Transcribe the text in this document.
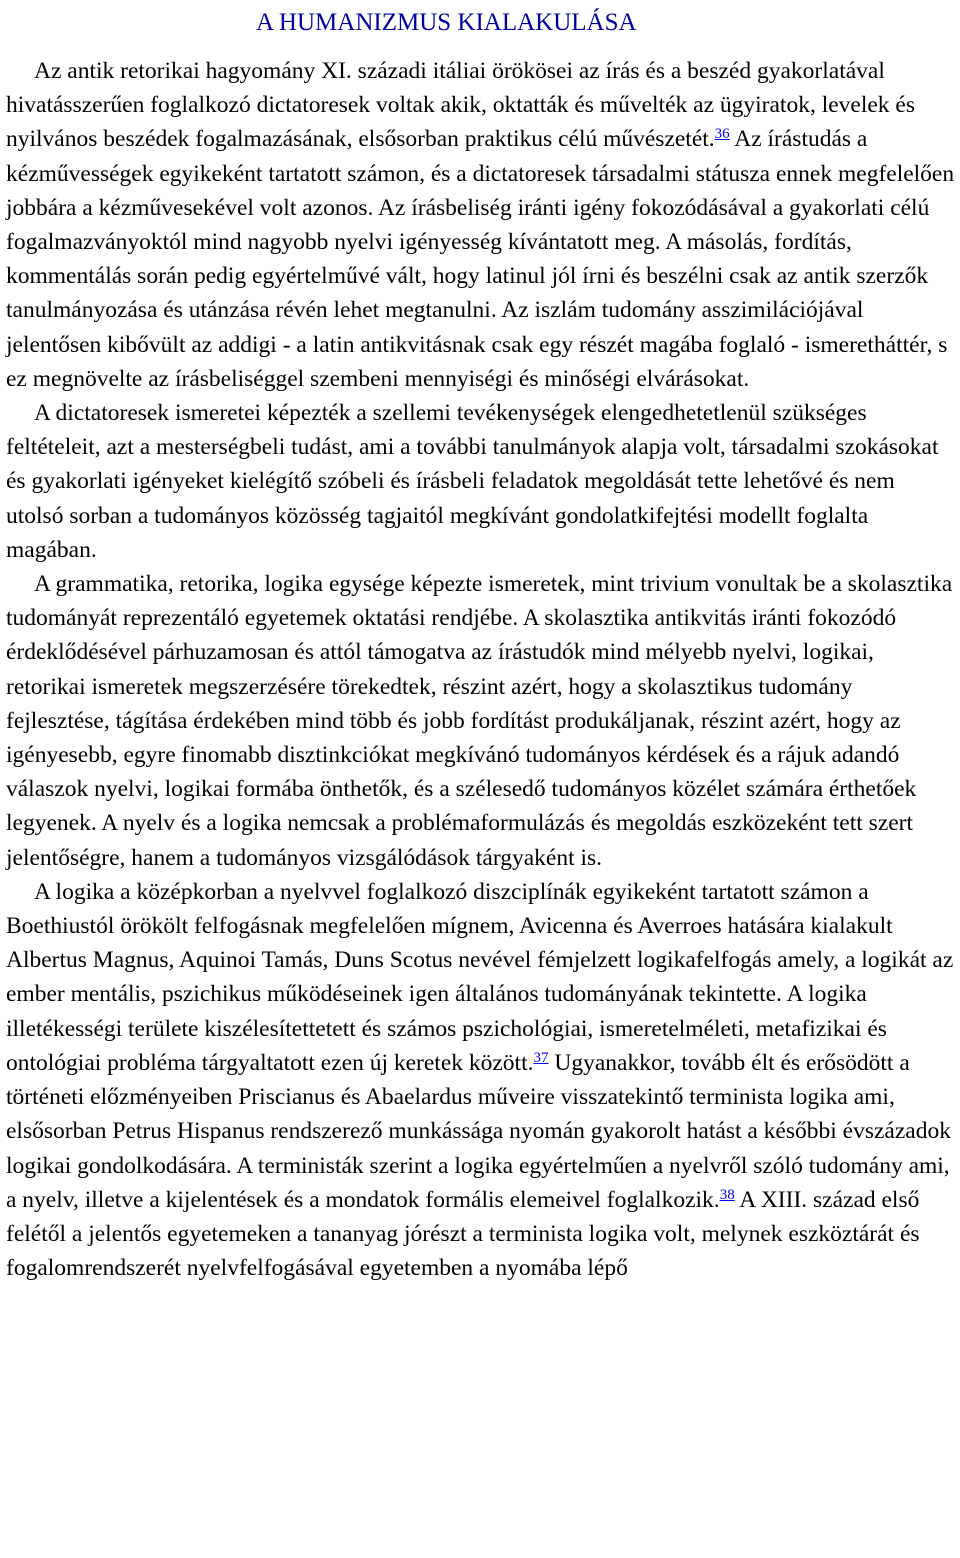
A HUMANIZMUS KIALAKULÁSA

Az antik retorikai hagyomány XI. századi itáliai örökösei az írás és a beszéd gyakorlatával hivatásszerűen foglalkozó dictatoresek voltak akik, oktatták és művelték az ügyiratok, levelek és nyilvános beszédek fogalmazásának, elsősorban praktikus célú művészetét.$^{36}$ Az írástudás a kézművességek egyikeként tartatott számon, és a dictatoresek társadalmi státusza ennek megfelelően jobbára a kézművesekével volt azonos. Az írásbeliség iránti igény fokozódásával a gyakorlati célú fogalmazványoktól mind nagyobb nyelvi igényesség kívántatott meg. A másolás, fordítás, kommentálás során pedig egyértelművé vált, hogy latinul jól írni és beszélni csak az antik szerzők tanulmányozása és utánzása révén lehet megtanulni. Az iszlám tudomány asszimilációjával jelentősen kibővült az addigi - a latin antikvitásnak csak egy részét magába foglaló - ismeretháttér, s ez megnövelte az írásbeliséggel szembeni mennyiségi és minőségi elvárásokat.

A dictatoresek ismeretei képezték a szellemi tevékenységek elengedhetetlenül szükséges feltételeit, azt a mesterségbeli tudást, ami a további tanulmányok alapja volt, társadalmi szokásokat és gyakorlati igényeket kielégítő szóbeli és írásbeli feladatok megoldását tette lehetővé és nem utolsó sorban a tudományos közösség tagjaitól megkívánt gondolatkifejtési modellt foglalta magában.

A grammatika, retorika, logika egysége képezte ismeretek, mint trivium vonultak be a skolasztika tudományát reprezentáló egyetemek oktatási rendjébe. A skolasztika antikvitás iránti fokozódó érdeklődésével párhuzamosan és attól támogatva az írástudók mind mélyebb nyelvi, logikai, retorikai ismeretek megszerzésére törekedtek, részint azért, hogy a skolasztikus tudomány fejlesztése, tágítása érdekében mind több és jobb fordítást produkáljanak, részint azért, hogy az igényesebb, egyre finomabb disztinkciókat megkívánó tudományos kérdések és a rájuk adandó válaszok nyelvi, logikai formába önthetők, és a szélesedő tudományos közélet számára érthetőek legyenek. A nyelv és a logika nemcsak a problémaformulázás és megoldás eszközeként tett szert jelentőségre, hanem a tudományos vizsgálódások tárgyaként is.

A logika a középkorban a nyelvvel foglalkozó diszciplínák egyikeként tartatott számon a Boethiustól örökölt felfogásnak megfelelően mígnem, Avicenna és Averroes hatására kialakult Albertus Magnus, Aquinoi Tamás, Duns Scotus nevével fémjelzett logikafelfogás amely, a logikát az ember mentális, pszichikus működéseinek igen általános tudományának tekintette. A logika illetékességi területe kiszélesítettetett és számos pszichológiai, ismeretelméleti, metafizikai és ontológiai probléma tárgyaltatott ezen új keretek között.$^{37}$ Ugyanakkor, tovább élt és erősödött a történeti előzményeiben Priscianus és Abaelardus műveire visszatekintő terminista logika ami, elsősorban Petrus Hispanus rendszerező munkássága nyomán gyakorolt hatást a későbbi évszázadok logikai gondolkodására. A terministák szerint a logika egyértelműen a nyelvről szóló tudomány ami, a nyelv, illetve a kijelentések és a mondatok formális elemeivel foglalkozik.$^{38}$ A XIII. század első felétől a jelentős egyetemeken a tananyag jórészt a terminista logika volt, melynek eszköztárát és fogalomrendszerét nyelvfelfogásával egyetemben a nyomába lépő
